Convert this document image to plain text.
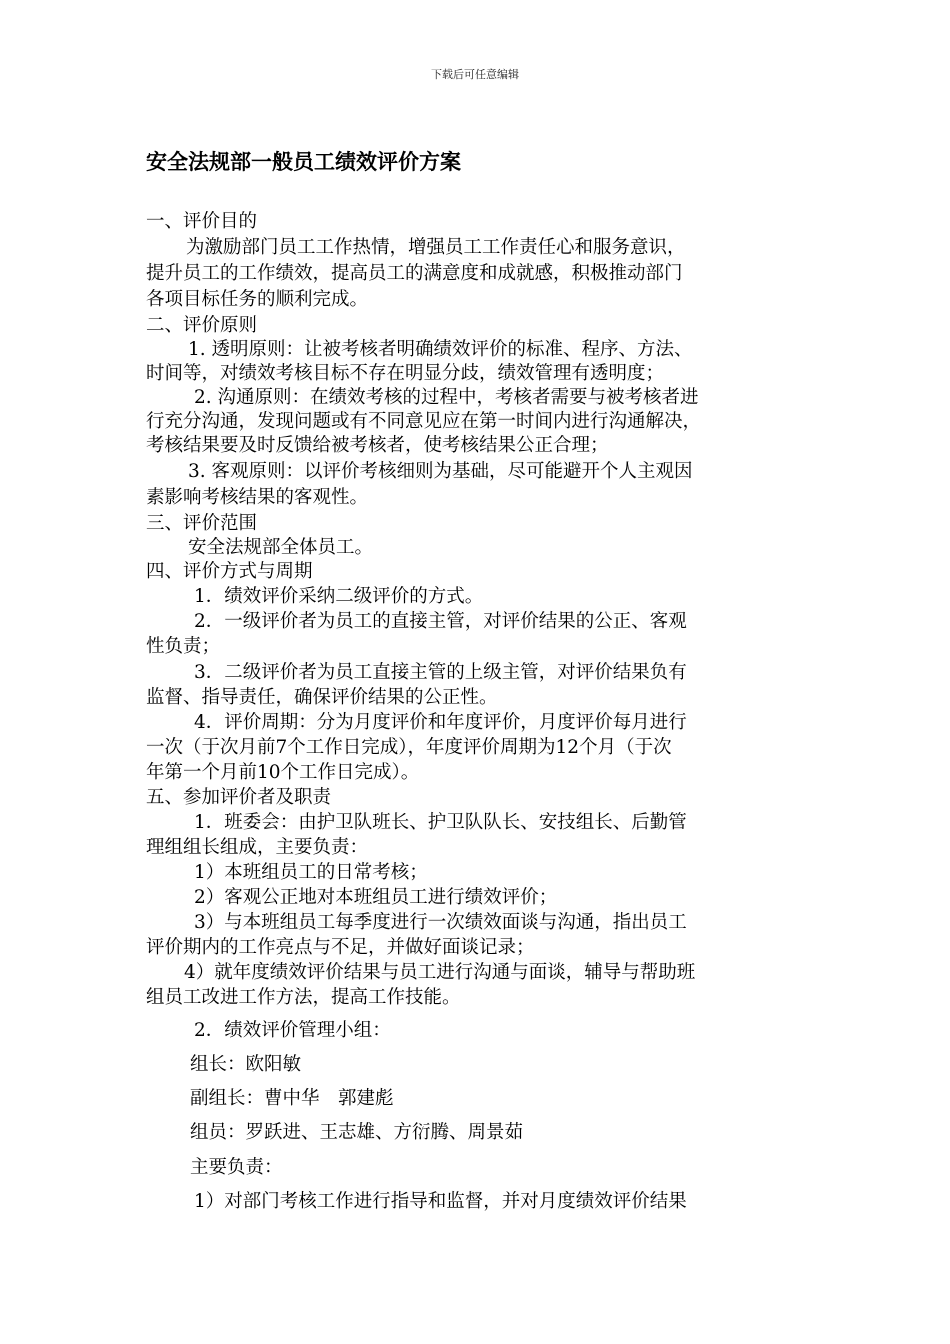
下载后可任意编辑
安全法规部一般员工绩效评价方案
一、评价目的
为激励部门员工工作热情，增强员工工作责任心和服务意识，
提升员工的工作绩效，提高员工的满意度和成就感，积极推动部门
各项目标任务的顺利完成。
二、评价原则
1. 透明原则：让被考核者明确绩效评价的标准、程序、方法、
时间等，对绩效考核目标不存在明显分歧，绩效管理有透明度；
2. 沟通原则：在绩效考核的过程中，考核者需要与被考核者进
行充分沟通，发现问题或有不同意见应在第一时间内进行沟通解决，
考核结果要及时反馈给被考核者，使考核结果公正合理；
3. 客观原则：以评价考核细则为基础，尽可能避开个人主观因
素影响考核结果的客观性。
三、评价范围
安全法规部全体员工。
四、评价方式与周期
1．绩效评价采纳二级评价的方式。
2．一级评价者为员工的直接主管，对评价结果的公正、客观
性负责；
3．二级评价者为员工直接主管的上级主管，对评价结果负有
监督、指导责任，确保评价结果的公正性。
4．评价周期：分为月度评价和年度评价，月度评价每月进行
一次（于次月前7个工作日完成），年度评价周期为12个月（于次
年第一个月前10个工作日完成）。
五、参加评价者及职责
1．班委会：由护卫队班长、护卫队队长、安技组长、后勤管
理组组长组成，主要负责：
1）本班组员工的日常考核；
2）客观公正地对本班组员工进行绩效评价；
3）与本班组员工每季度进行一次绩效面谈与沟通，指出员工
评价期内的工作亮点与不足，并做好面谈记录；
4）就年度绩效评价结果与员工进行沟通与面谈，辅导与帮助班
组员工改进工作方法，提高工作技能。
2．绩效评价管理小组：
组长：欧阳敏
副组长：曹中华　郭建彪
组员：罗跃进、王志雄、方衍腾、周景茹
主要负责：
1）对部门考核工作进行指导和监督，并对月度绩效评价结果
